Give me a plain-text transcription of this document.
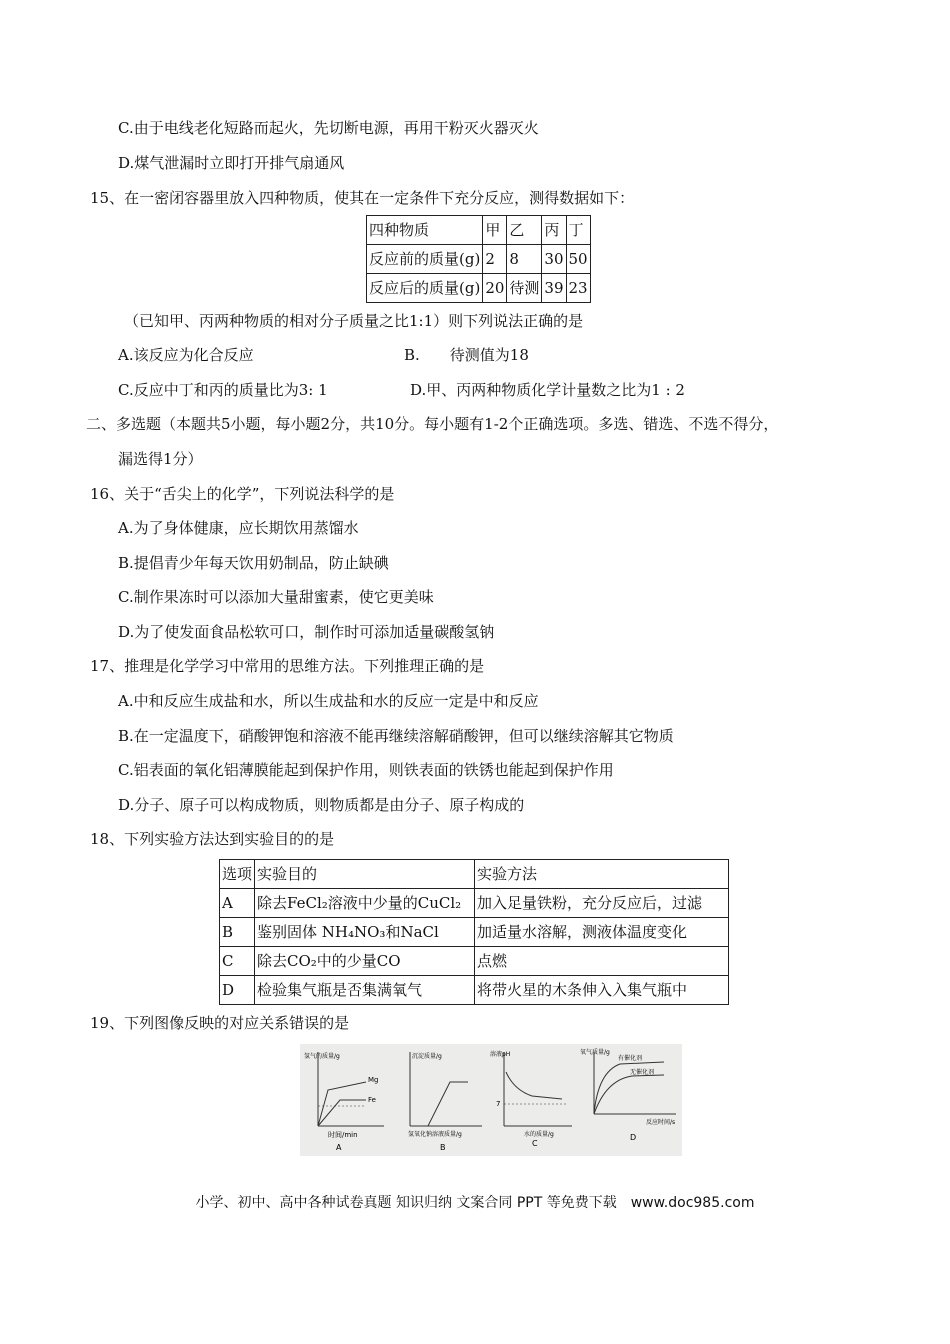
C.由于电线老化短路而起火，先切断电源，再用干粉灭火器灭火
D.煤气泄漏时立即打开排气扇通风
15、在一密闭容器里放入四种物质，使其在一定条件下充分反应，测得数据如下：
四种物质	甲	乙	丙	丁
反应前的质量(g)	2	8	30	50
反应后的质量(g)	20	待测	39	23
（已知甲、丙两种物质的相对分子质量之比1:1）则下列说法正确的是
A.该反应为化合反应	B.　　待测值为18
C.反应中丁和丙的质量比为3: 1	D.甲、丙两种物质化学计量数之比为1 : 2
二、多选题（本题共5小题，每小题2分，共10分。每小题有1-2个正确选项。多选、错选、不选不得分，
漏选得1分）
16、关于“舌尖上的化学”，下列说法科学的是
A.为了身体健康，应长期饮用蒸馏水
B.提倡青少年每天饮用奶制品，防止缺碘
C.制作果冻时可以添加大量甜蜜素，使它更美味
D.为了使发面食品松软可口，制作时可添加适量碳酸氢钠
17、推理是化学学习中常用的思维方法。下列推理正确的是
A.中和反应生成盐和水，所以生成盐和水的反应一定是中和反应
B.在一定温度下，硝酸钾饱和溶液不能再继续溶解硝酸钾，但可以继续溶解其它物质
C.铝表面的氧化铝薄膜能起到保护作用，则铁表面的铁锈也能起到保护作用
D.分子、原子可以构成物质，则物质都是由分子、原子构成的
18、下列实验方法达到实验目的的是
选项	实验目的	实验方法
A	除去FeCl₂溶液中少量的CuCl₂	加入足量铁粉，充分反应后，过滤
B	鉴别固体 NH₄NO₃和NaCl	加适量水溶解，测液体温度变化
C	除去CO₂中的少量CO	点燃
D	检验集气瓶是否集满氧气	将带火星的木条伸入入集气瓶中
19、下列图像反映的对应关系错误的是
氢气的质量/g
Mg
Fe
时间/min
A
沉淀质量/g
氢氧化钠溶液质量/g
B
溶液pH
7
水的质量/g
C
氧气质量/g
有催化剂
无催化剂
反应时间/s
D
小学、初中、高中各种试卷真题 知识归纳 文案合同 PPT 等免费下载　www.doc985.com
